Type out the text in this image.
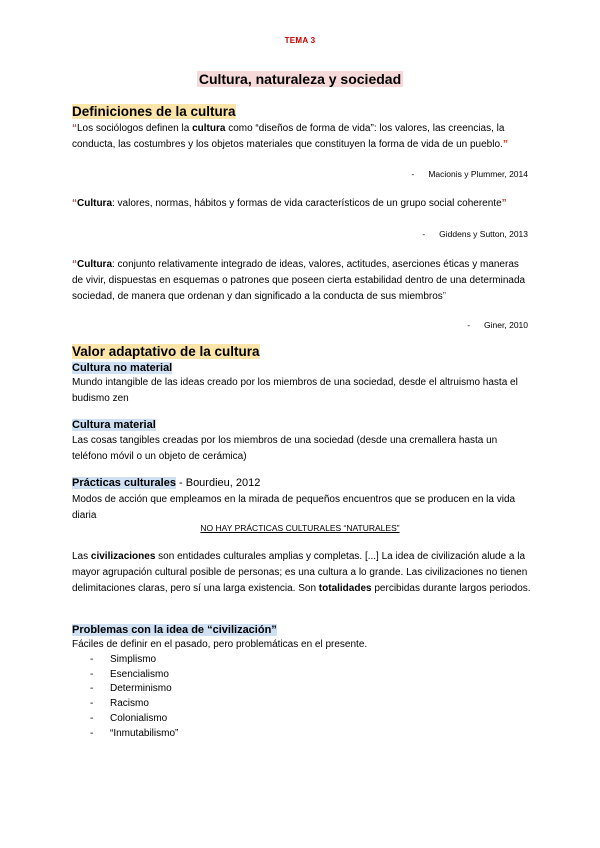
TEMA 3
Cultura, naturaleza y sociedad
Definiciones de la cultura
“Los sociólogos definen la cultura como “diseños de forma de vida”: los valores, las creencias, la conducta, las costumbres y los objetos materiales que constituyen la forma de vida de un pueblo.”
- Macionis y Plummer, 2014
“Cultura: valores, normas, hábitos y formas de vida característicos de un grupo social coherente”
- Giddens y Sutton, 2013
“Cultura: conjunto relativamente integrado de ideas, valores, actitudes, aserciones éticas y maneras de vivir, dispuestas en esquemas o patrones que poseen cierta estabilidad dentro de una determinada sociedad, de manera que ordenan y dan significado a la conducta de sus miembros”
- Giner, 2010
Valor adaptativo de la cultura
Cultura no material
Mundo intangible de las ideas creado por los miembros de una sociedad, desde el altruismo hasta el budismo zen
Cultura material
Las cosas tangibles creadas por los miembros de una sociedad (desde una cremallera hasta un teléfono móvil o un objeto de cerámica)
Prácticas culturales - Bourdieu, 2012
Modos de acción que empleamos en la mirada de pequeños encuentros que se producen en la vida diaria
NO HAY PRÁCTICAS CULTURALES “NATURALES”
Las civilizaciones son entidades culturales amplias y completas. [...] La idea de civilización alude a la mayor agrupación cultural posible de personas; es una cultura a lo grande. Las civilizaciones no tienen delimitaciones claras, pero sí una larga existencia. Son totalidades percibidas durante largos periodos.
Problemas con la idea de “civilización”
Fáciles de definir en el pasado, pero problemáticas en el presente.
- Simplismo
- Esencialismo
- Determinismo
- Racismo
- Colonialismo
- “Inmutabilismo”
